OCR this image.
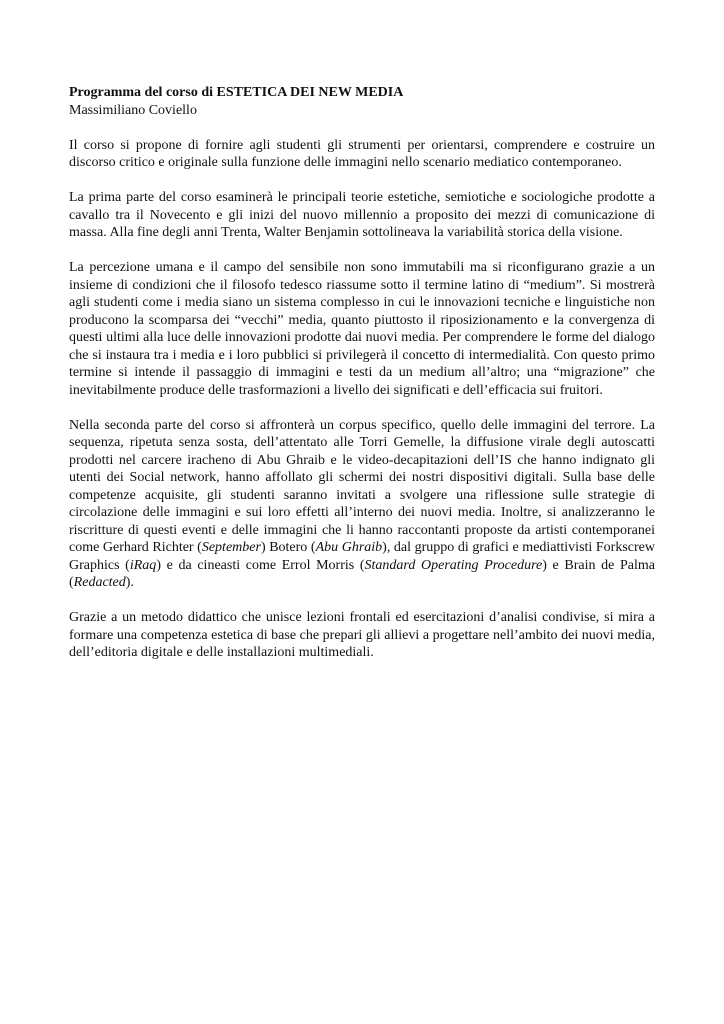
Programma del corso di ESTETICA DEI NEW MEDIA
Massimiliano Coviello

Il corso si propone di fornire agli studenti gli strumenti per orientarsi, comprendere e costruire un discorso critico e originale sulla funzione delle immagini nello scenario mediatico contemporaneo.

La prima parte del corso esaminerà le principali teorie estetiche, semiotiche e sociologiche prodotte a cavallo tra il Novecento e gli inizi del nuovo millennio a proposito dei mezzi di comunicazione di massa. Alla fine degli anni Trenta, Walter Benjamin sottolineava la variabilità storica della visione.

La percezione umana e il campo del sensibile non sono immutabili ma si riconfigurano grazie a un insieme di condizioni che il filosofo tedesco riassume sotto il termine latino di “medium”. Si mostrerà agli studenti come i media siano un sistema complesso in cui le innovazioni tecniche e linguistiche non producono la scomparsa dei “vecchi” media, quanto piuttosto il riposizionamento e la convergenza di questi ultimi alla luce delle innovazioni prodotte dai nuovi media. Per comprendere le forme del dialogo che si instaura tra i media e i loro pubblici si privilegerà il concetto di intermedialità. Con questo primo termine si intende il passaggio di immagini e testi da un medium all’altro; una “migrazione” che inevitabilmente produce delle trasformazioni a livello dei significati e dell’efficacia sui fruitori.

Nella seconda parte del corso si affronterà un corpus specifico, quello delle immagini del terrore. La sequenza, ripetuta senza sosta, dell’attentato alle Torri Gemelle, la diffusione virale degli autoscatti prodotti nel carcere iracheno di Abu Ghraib e le video-decapitazioni dell’IS che hanno indignato gli utenti dei Social network, hanno affollato gli schermi dei nostri dispositivi digitali. Sulla base delle competenze acquisite, gli studenti saranno invitati a svolgere una riflessione sulle strategie di circolazione delle immagini e sui loro effetti all’interno dei nuovi media. Inoltre, si analizzeranno le riscritture di questi eventi e delle immagini che li hanno raccontanti proposte da artisti contemporanei come Gerhard Richter (September) Botero (Abu Ghraib), dal gruppo di grafici e mediattivisti Forkscrew Graphics (iRaq) e da cineasti come Errol Morris (Standard Operating Procedure) e Brain de Palma (Redacted).

Grazie a un metodo didattico che unisce lezioni frontali ed esercitazioni d’analisi condivise, si mira a formare una competenza estetica di base che prepari gli allievi a progettare nell’ambito dei nuovi media, dell’editoria digitale e delle installazioni multimediali.
